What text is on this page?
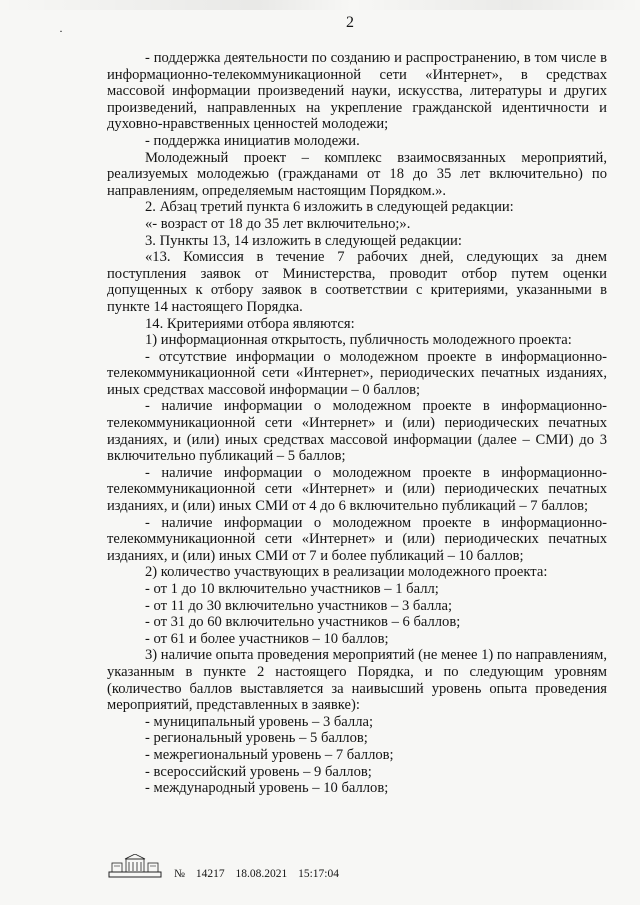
·	2

- поддержка деятельности по созданию и распространению, в том числе в информационно-телекоммуникационной сети «Интернет», в средствах массовой информации произведений науки, искусства, литературы и других произведений, направленных на укрепление гражданской идентичности и духовно-нравственных ценностей молодежи;

- поддержка инициатив молодежи.

Молодежный проект – комплекс взаимосвязанных мероприятий, реализуемых молодежью (гражданами от 18 до 35 лет включительно) по направлениям, определяемым настоящим Порядком.».

2. Абзац третий пункта 6 изложить в следующей редакции:

«- возраст от 18 до 35 лет включительно;».

3. Пункты 13, 14 изложить в следующей редакции:

«13. Комиссия в течение 7 рабочих дней, следующих за днем поступления заявок от Министерства, проводит отбор путем оценки допущенных к отбору заявок в соответствии с критериями, указанными в пункте 14 настоящего Порядка.

14. Критериями отбора являются:

1) информационная открытость, публичность молодежного проекта:

- отсутствие информации о молодежном проекте в информационно-телекоммуникационной сети «Интернет», периодических печатных изданиях, иных средствах массовой информации – 0 баллов;

- наличие информации о молодежном проекте в информационно-телекоммуникационной сети «Интернет» и (или) периодических печатных изданиях, и (или) иных средствах массовой информации (далее – СМИ) до 3 включительно публикаций – 5 баллов;

- наличие информации о молодежном проекте в информационно-телекоммуникационной сети «Интернет» и (или) периодических печатных изданиях, и (или) иных СМИ от 4 до 6 включительно публикаций – 7 баллов;

- наличие информации о молодежном проекте в информационно-телекоммуникационной сети «Интернет» и (или) периодических печатных изданиях, и (или) иных СМИ от 7 и более публикаций – 10 баллов;

2) количество участвующих в реализации молодежного проекта:

- от 1 до 10 включительно участников – 1 балл;

- от 11 до 30 включительно участников – 3 балла;

- от 31 до 60 включительно участников – 6 баллов;

- от 61 и более участников – 10 баллов;

3) наличие опыта проведения мероприятий (не менее 1) по направлениям, указанным в пункте 2 настоящего Порядка, и по следующим уровням (количество баллов выставляется за наивысший уровень опыта проведения мероприятий, представленных в заявке):

- муниципальный уровень – 3 балла;

- региональный уровень – 5 баллов;

- межрегиональный уровень – 7 баллов;

- всероссийский уровень – 9 баллов;

- международный уровень – 10 баллов;

№ 14217 18.08.2021 15:17:04
